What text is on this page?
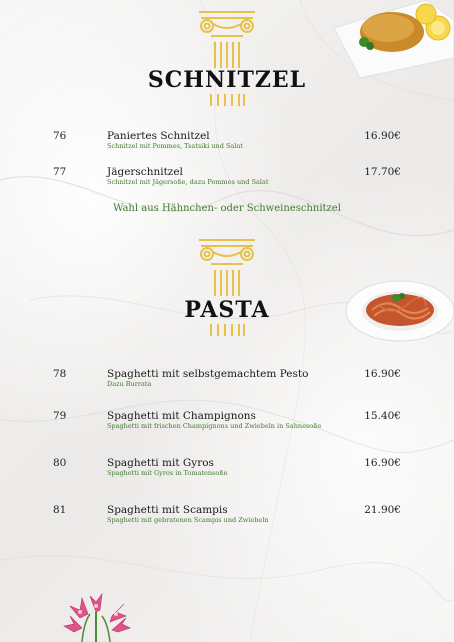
SCHNITZEL
76	Paniertes Schnitzel
Schnitzel mit Pommes, Tsatsiki und Salat
16.90€
77	Jägerschnitzel
Schnitzel mit Jägersoße, dazu Pommes und Salat
17.70€
Wahl aus Hähnchen- oder Schweineschnitzel
PASTA
78	Spaghetti mit selbstgemachtem Pesto
Dazu Burrata
16.90€
79	Spaghetti mit Champignons
Spaghetti mit frischen Champignons und Zwiebeln in Sahnesoße
15.40€
80	Spaghetti mit Gyros
Spaghetti mit Gyros in Tomatensoße
16.90€
81	Spaghetti mit Scampis
Spaghetti mit gebratenen Scampis und Zwiebeln
21.90€
